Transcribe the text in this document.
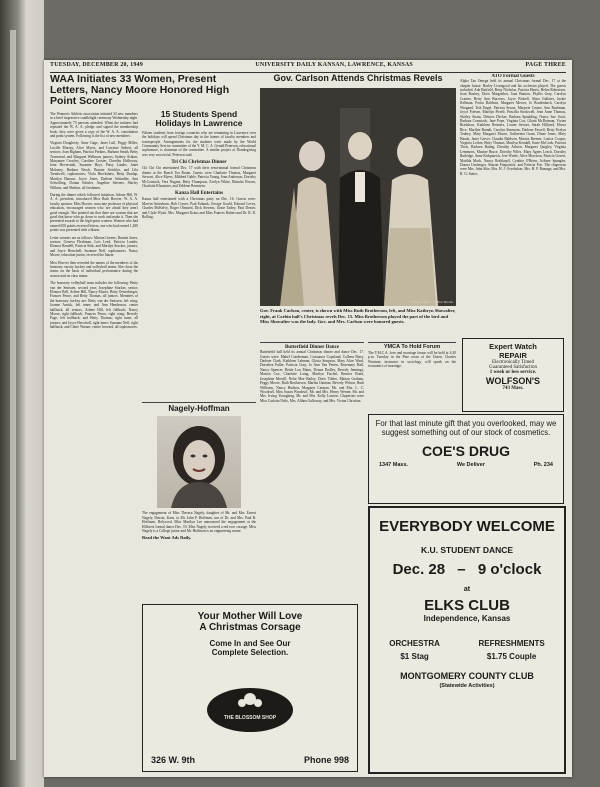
TUESDAY, DECEMBER 20, 1949	UNIVERSITY DAILY KANSAN, LAWRENCE, KANSAS	PAGE THREE
WAA Initiates 33 Women, Present Letters, Nancy Moore Honored High Point Scorer

The Women's Athletic association initiated 33 new members in a brief impressive candlelight ceremony Wednesday night. Approximately 75 persons attended. When the initiates had repeated the W. A. A. pledge and signed the membership book, they were given a copy of the W. A. A. constitution and point system. Following is the list of new members:

Virginia Dougherty, Anne Gage, Janet Lull, Peggy Miller, Lucille Murray, Alice Myers, and Lorraine Seibert, all seniors; Joan Bigham, Patricia Perkins, Barbara Smith, Betty Townsend, and Margaret Wellman, juniors; Sydney Ashton, Maryanne Crowley, Caroline Crosier, Dorothy Holloway, Jean Hoverstadt, Suzanne Hoyt, Patsy Landis, Janet Maloney, Barbara Nesch, Bonnie Strickler, and Lila Treadwell, sophomores; Viola Brockshaw, Betty Dunlap, Marilyn Hanson, Joyce Jones, Darlene Schindler, Ann Schwilling, Donna Schuler, Angeline Stevens, Shirley Wilkins, and Shelton, all freshmen.

During the dinner which followed initiation, Arlene Hill, W. A. A. president, introduced Miss Ruth Hoover, W. A. A. faculty sponsor. Miss Hoover, associate professor of physical education, encouraged women who 'are afraid they aren't good enough.' She pointed out that there are women that are good that know who go down to work and make it. Then she presented awards to the high-point women. Women who had earned 650 points received letters, one who had earned 1,200 points was presented with a blazer.

Letter winners are as follows: Marion Greene, Dunnie Jones, seniors; Geneva Fleshman, Lois Leed, Patricia Lander, Eleanor Rendell, Patricia Sink, and Marilyn Stucker, juniors; and Joyce Herschell, Suzanne Neff, sophomores. Nancy Moore, education junior, received the blazer.

Miss Hoover then revealed the names of the members of the honorary varsity hockey and volleyball teams. She chose the teams on the basis of individual performance during the season and on class teams.

The honorary volleyball team includes the following: Betty van der Smissen, second year; Josephine Stucker, senior; Eleanor Bell, Arlene Hill, Nancy Moore, Betty Oesterberger, Frances Pence, and Betty Thomas, all juniors. Members of the honorary hockey are: Betty van der Smissen, left wing; Joanne Amick, left inner; and Ann Henderson, center halfback, all seniors. Arlene Hill, left fullback; Nancy Moore, right fullback; Frances Pence, right wing; Beverly Page, left halfback; and Betty Thomas, right inner, all juniors; and Joyce Herschell, right inner; Suzanne Neff, right halfback; and Claire Warner, center forward, all sophomores.

15 Students Spend Holidays In Lawrence
Fifteen students from foreign countries who are remaining in Lawrence over the holidays will spend Christmas day in the homes of faculty members and townspeople. Arrangements for the students were made by the World Community Service committee of the Y. M. C. A. Gerald Peterson, educational sophomore, is chairman of the committee. A similar project at Thanksgiving was very successful, Peterson said.
Tri Chi Christmas Dinner
Chi Chi Chi entertained Dec. 17 with their semi-annual formal Christmas dinner at the Ranch Tea Room. Guests were Charlotte Thomas, Margaret Stewart, Alice Myers, Mildred Gable, Patricia Young, Jean Anderson, Dorothy McCormick, Vera Nugent, Betty Thompson, Evelyn White, Blanche Brown, Charlotte Klassmier, and Zeldene Bernstein.
Kanza Hall Entertains
Kanza hall entertained with a Christmas party on Dec. 16. Guests were: Marvin Artterburn, Bob Craver, Paul Eubank, George Gould, Edward Levey, Charles McKelvy, Roger Olmsted, Dick Stevens, Ozzie Tarley, Paul Dexter, and Clyde Wyatt. Mrs. Margaret Kraus and Miss Frances Rubert and Dr. R. D. Rolling.
Nagely-Hoffman
The engagement of Miss Theresa Nagely, daughter of Mr. and Mrs. Ernest Nagely, Detroit, Kans. to Mr. John P. Hoffman, son of Dr. and Mrs. Paul B. Hoffman, Holyrood. Miss Marilyn Lee announced the engagement at the Hillcrest formal dance Dec. 10. Miss Nagely received a red rose corsage. Miss Nagely is a College junior and Mr. Hoffman is an engineering senior.
Read the Want Ads Daily.
Your Mother Will Love
A Christmas Corsage
Come In and See Our
Complete Selection.
THE BLOSSOM SHOP
326 W. 9th	Phone 998
Gov. Carlson Attends Christmas Revels
Kansan photo by Bob Biersh
Gov. Frank Carlson, center, is shown with Miss Ruth Brotherson, left, and Miss Kathryn Showalter, right, at Corbin hall's Christmas revels Dec. 15. Miss Brotherson played the part of the lord and Miss Showalter was the lady. Gov. and Mrs. Carlson were honored guests.
Butterfield Dinner Dance
Battenfeld hall held its annual Christmas dinner and dance Dec. 17. Guests were: Mabel Conderman, Constance Copeland, Colleen Biery, Darlene Clark, Kathleen Lehman, Gloria Simpson, Mary Alice Ward, Dorothea Fuller, Patricia Gray, Jo Ann Van Petten, Rosemary Hall, Nancy Spencer, Bettie Lou Mann, Donna Dodley, Beverly Jennings, Marion Cox, Charlotte Laing, Marilyn Fischel, Bernice Bond, Josephine Merrill, Nelia Mae Bailey, Doris Tilden, Marian Graham, Peggy Moore, Ruth Brotherson, Martha Oatman, Beverly Wilson, Ruth Williams, Nancy Hudson, Margaret Carman. Mr. and Mrs. L. C. Woodruff, Miss Susan Woodruff, Mr. and Mrs. Henry Werner, Mr. and Mrs. Irving Youngberg, Mr. and Mrs. Kelly Lawton. Chaperons were Miss Carlotta Nelis, Mrs. Althea Galloway, and Mrs. Vivian Christian.
YMCA To Hold Forum
The Y.M.C.A. love and marriage forum will be held at 4:30 p.m. Tuesday in the Pine room of the Union. Charles Warriner, instructor in sociology, will speak on the economics of marriage.
ATO Formal Guests
Alpha Tau Omega held its annual Christmas formal Dec. 17 at the chapter house. Harley Livengood and his orchestra played. The guests included: Ada Hatfield, Betty Nicholas, Patricia Harris, Helen Robertson, Joan Bushey, Doris Margrether, Joan Bunton, Phyllis Gray, Carolyn Cramer, Betty Ann Burrows, Joyce Bickell, Alma Gulloter, Jackie Kellman. Portia Baldwin, Margaret Mercer, Jo Brodenbach, Carolyn Wiegand, Tish Engel, Patricia Sexon, Marjorie Crume, Ann Bushman, Joyce Friesen, Marilyn Pirrell, Priscilla Stockwell, Jean Anne Thomas, Shirley Strain, Delores Decker. Barbara Spaulding, Nancy Sue Scott, Barbara Comstock, Jane Pope, Virginia Cox, Gloria McDorman, Vivian Bradshaw, Kathleen Reimers, Louise Sewart, Sarah Hillyard, Elinor Rice, Marilyn Brandt, Carolyn Simmons, Darlene Fassell, Betty Evelyn Toubey, Mary Margaret Moore, Gulbreena Grant, Diane Jones, Mary Hands, Janet Carver. Claudia Baldwin, Marion Bremer, Louise Cooper, Virginia Lofton, Betty Thomas, Marilyn Kendall, Susie McCook, Patricia Theis, Barbara Baling, Dorothy Ashton, Margaret Quigley, Virginia Lemmons, Maxine Bruce, Dorothy Wiles. Mary Agnes Leach, Dorothy Rutledge, Anne Kirkpatrick, Jere Wrede, Alice Morrison, Patricia Gower, Matilda Mack, Nancy Rothkopff, Cynthia O'Brien, JoAnne Spangler, Donna Unsberger, Sharon Fitzpatrick, and Patricia Poe. The chaperons were Mrs. John Skie, Mrs. H. J. Overholser, Mrs. H. P. Ramage, and Mrs. R. G. Sutter.
Expert Watch
REPAIR
Electronically Timed
Guaranteed Satisfaction
1 week or less service.
WOLFSON'S
743 Mass.
For that last minute gift that you overlooked, may we suggest something out of our stock of cosmetics.
COE'S DRUG
1347 Mass.	We Deliver	Ph. 234
EVERYBODY WELCOME
K.U. STUDENT DANCE
Dec. 28 – 9 o'clock
at
ELKS CLUB
Independence, Kansas
ORCHESTRA
$1 Stag
REFRESHMENTS
$1.75 Couple
MONTGOMERY COUNTY CLUB
(Statewide Activities)
